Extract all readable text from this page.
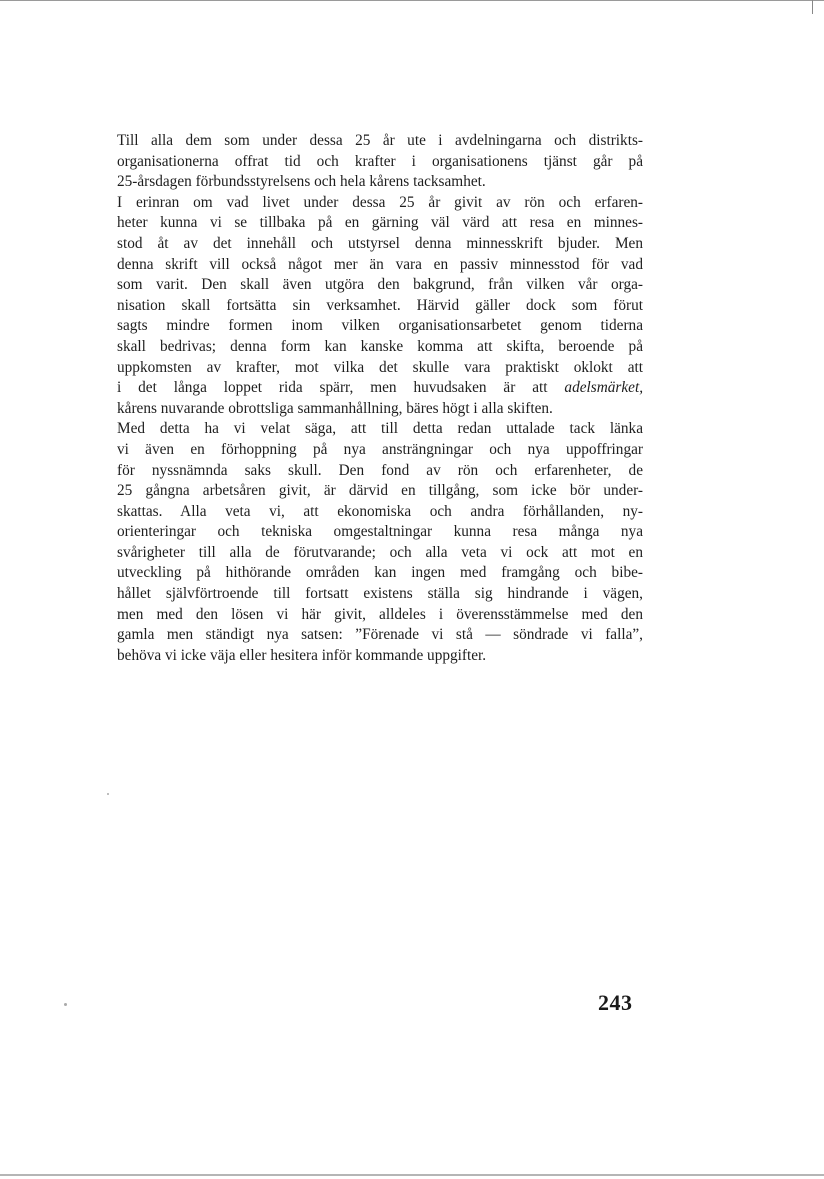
Till alla dem som under dessa 25 år ute i avdelningarna och distrikts-
organisationerna offrat tid och krafter i organisationens tjänst går på
25-årsdagen förbundsstyrelsens och hela kårens tacksamhet.

I erinran om vad livet under dessa 25 år givit av rön och erfaren-
heter kunna vi se tillbaka på en gärning väl värd att resa en minnes-
stod åt av det innehåll och utstyrsel denna minnesskrift bjuder. Men
denna skrift vill också något mer än vara en passiv minnesstod för vad
som varit. Den skall även utgöra den bakgrund, från vilken vår orga-
nisation skall fortsätta sin verksamhet. Härvid gäller dock som förut
sagts mindre formen inom vilken organisationsarbetet genom tiderna
skall bedrivas; denna form kan kanske komma att skifta, beroende på
uppkomsten av krafter, mot vilka det skulle vara praktiskt oklokt att
i det långa loppet rida spärr, men huvudsaken är att adelsmärket,
kårens nuvarande obrottsliga sammanhållning, bäres högt i alla skiften.

Med detta ha vi velat säga, att till detta redan uttalade tack länka
vi även en förhoppning på nya ansträngningar och nya uppoffringar
för nyssnämnda saks skull. Den fond av rön och erfarenheter, de
25 gångna arbetsåren givit, är därvid en tillgång, som icke bör under-
skattas. Alla veta vi, att ekonomiska och andra förhållanden, ny-
orienteringar och tekniska omgestaltningar kunna resa många nya
svårigheter till alla de förutvarande; och alla veta vi ock att mot en
utveckling på hithörande områden kan ingen med framgång och bibe-
hållet självförtroende till fortsatt existens ställa sig hindrande i vägen,
men med den lösen vi här givit, alldeles i överensstämmelse med den
gamla men ständigt nya satsen: ”Förenade vi stå — söndrade vi falla”,
behöva vi icke väja eller hesitera inför kommande uppgifter.

243
